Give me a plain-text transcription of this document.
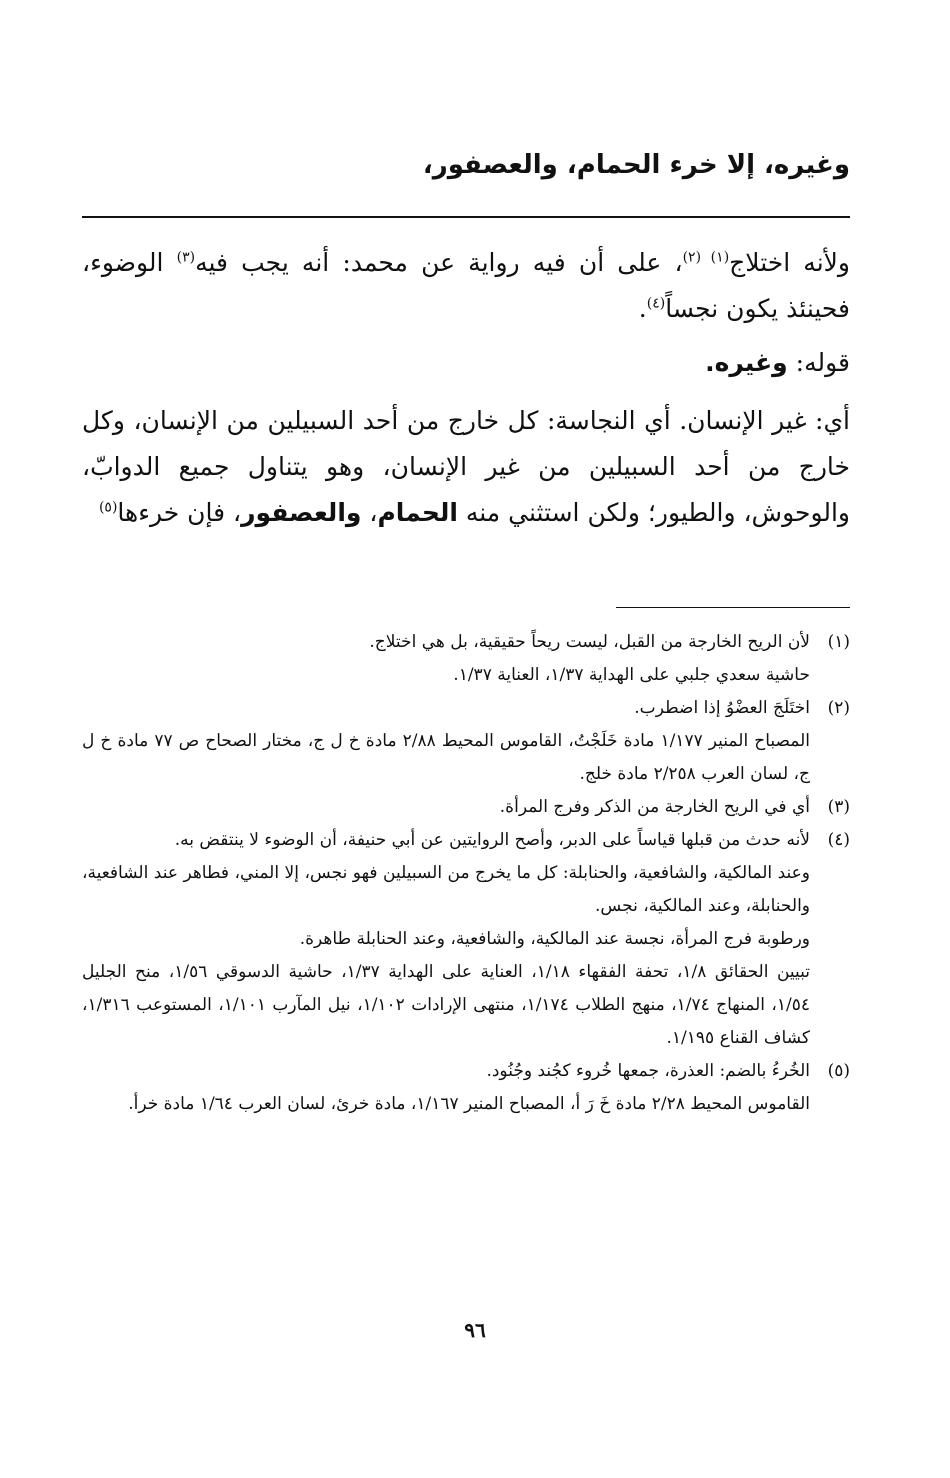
وغيره، إلا خرء الحمام، والعصفور،
ولأنه اختلاج$^{(١) (٢)}$، على أن فيه رواية عن محمد: أنه يجب فيه$^{(٣)}$ الوضوء، فحينئذ يكون نجساً$^{(٤)}$.
قوله: وغيره.
أي: غير الإنسان. أي النجاسة: كل خارج من أحد السبيلين من الإنسان، وكل خارج من أحد السبيلين من غير الإنسان، وهو يتناول جميع الدوابّ، والوحوش، والطيور؛ ولكن استثني منه الحمام، والعصفور، فإن خرءها$^{(٥)}$
(١)

لأن الريح الخارجة من القبل، ليست ريحاً حقيقية، بل هي اختلاج.

حاشية سعدي جلبي على الهداية ١/٣٧، العناية ١/٣٧.

(٢)

اختَلَجَ العضْوُ إذا اضطرب.

المصباح المنير ١/١٧٧ مادة خَلَجْتُ، القاموس المحيط ٢/٨٨ مادة خ ل ج، مختار الصحاح ص ٧٧ مادة خ ل ج، لسان العرب ٢/٢٥٨ مادة خلج.

(٣)

أي في الريح الخارجة من الذكر وفرج المرأة.

(٤)

لأنه حدث من قبلها قياساً على الدبر، وأصح الروايتين عن أبي حنيفة، أن الوضوء لا ينتقض به.

وعند المالكية، والشافعية، والحنابلة: كل ما يخرج من السبيلين فهو نجس، إلا المني، فطاهر عند الشافعية، والحنابلة، وعند المالكية، نجس.

ورطوبة فرج المرأة، نجسة عند المالكية، والشافعية، وعند الحنابلة طاهرة.

تبيين الحقائق ١/٨، تحفة الفقهاء ١/١٨، العناية على الهداية ١/٣٧، حاشية الدسوقي ١/٥٦، منح الجليل ١/٥٤، المنهاج ١/٧٤، منهج الطلاب ١/١٧٤، منتهى الإرادات ١/١٠٢، نيل المآرب ١/١٠١، المستوعب ١/٣١٦، كشاف القناع ١/١٩٥.

(٥)

الخُرءُ بالضم: العذرة، جمعها خُروء كجُند وجُنُود.

القاموس المحيط ٢/٢٨ مادة خَ رَ أ، المصباح المنير ١/١٦٧، مادة خرئ، لسان العرب ١/٦٤ مادة خرأ.

٩٦
